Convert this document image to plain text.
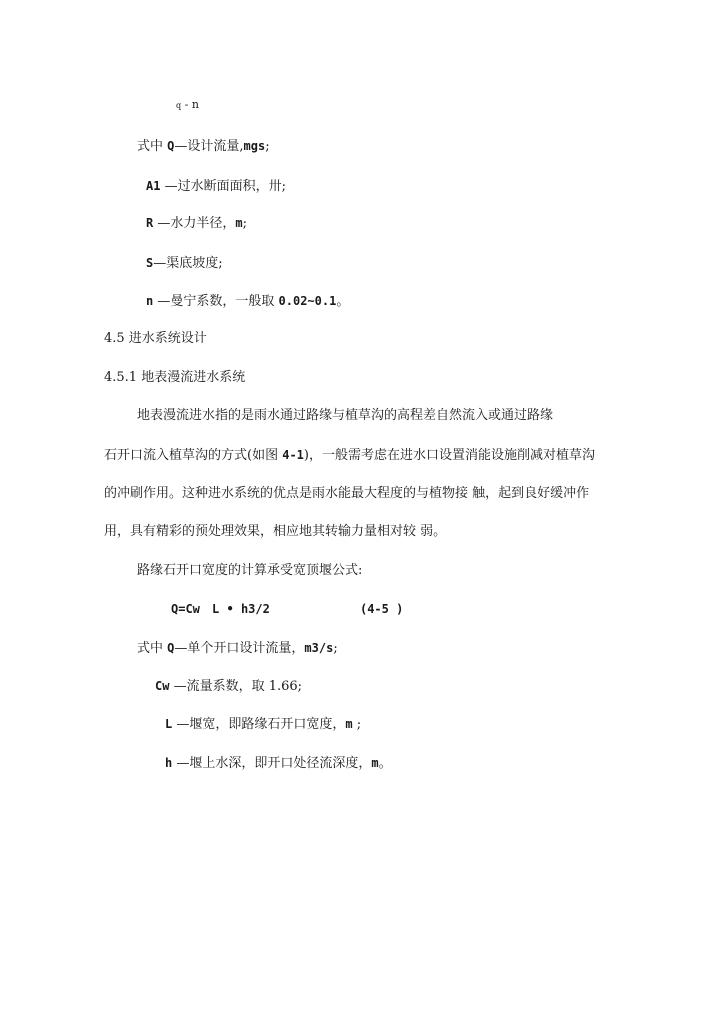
q - n
式中 Q—设计流量,mgs;
A1 —过水断面面积，卅;
R —水力半径，m;
S—渠底坡度;
n —曼宁系数，一般取 0.02~0.1。
4.5 进水系统设计
4.5.1 地表漫流进水系统
地表漫流进水指的是雨水通过路缘与植草沟的高程差自然流入或通过路缘
石开口流入植草沟的方式(如图 4-1)，一般需考虑在进水口设置消能设施削减对植草沟
的冲刷作用。这种进水系统的优点是雨水能最大程度的与植物接 触，起到良好缓冲作
用，具有精彩的预处理效果，相应地其转输力量相对较 弱。
路缘石开口宽度的计算承受宽顶堰公式:
Q=Cw L • h3/2	(4-5 )
式中 Q—单个开口设计流量，m3/s;
Cw —流量系数，取 1.66;
L —堰宽，即路缘石开口宽度，m ;
h —堰上水深，即开口处径流深度，m。
